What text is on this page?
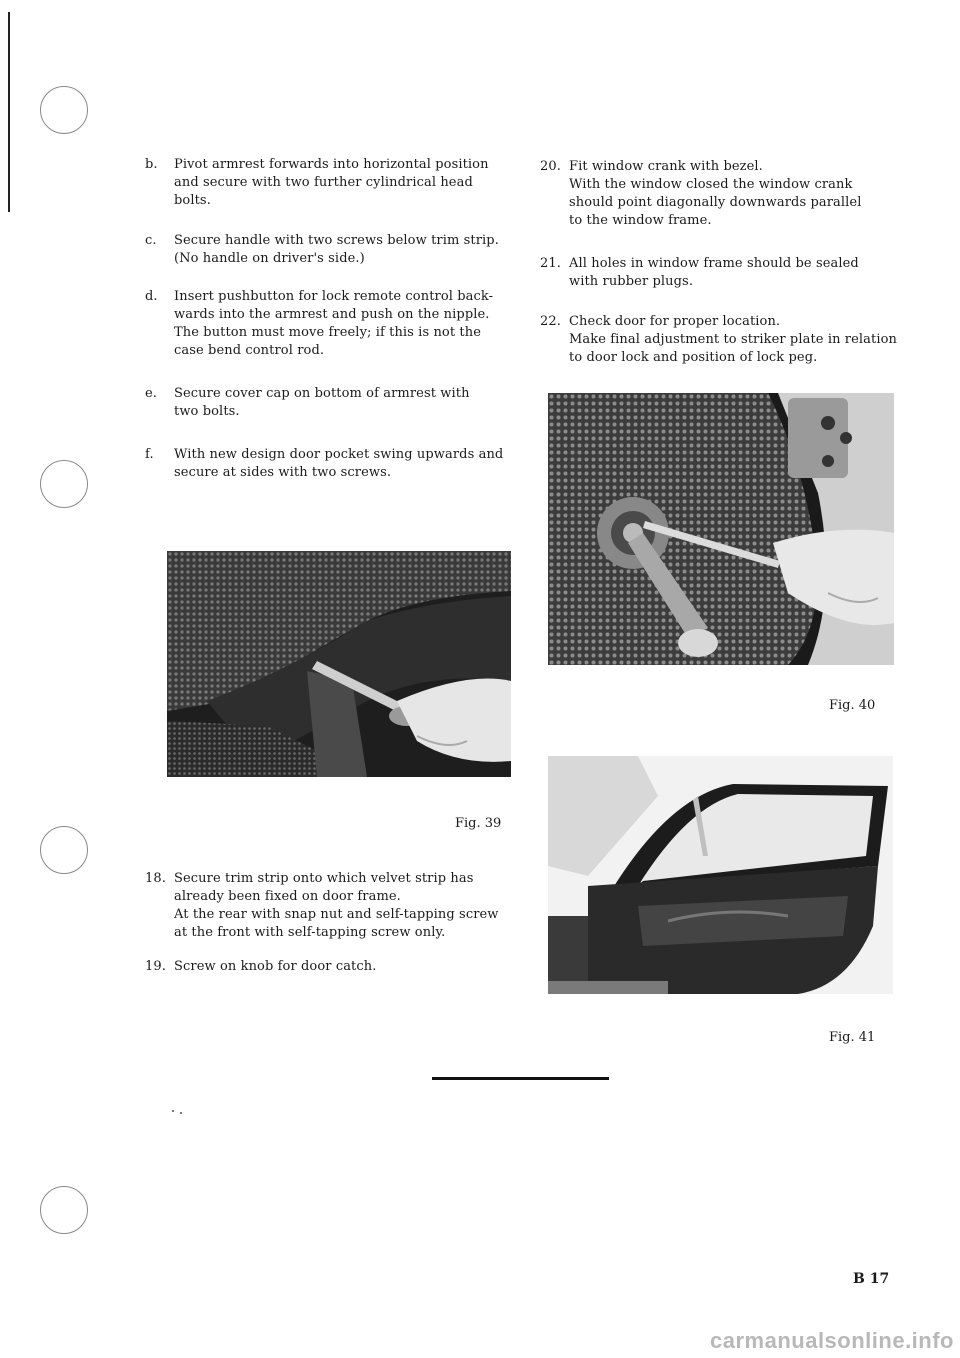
b. Pivot armrest forwards into horizontal position
and secure with two further cylindrical head
bolts.
c. Secure handle with two screws below trim strip.
(No handle on driver's side.)
d. Insert pushbutton for lock remote control back-
wards into the armrest and push on the nipple.
The button must move freely; if this is not the
case bend control rod.
e. Secure cover cap on bottom of armrest with
two bolts.
f. With new design door pocket swing upwards and
secure at sides with two screws.
Fig. 39
18. Secure trim strip onto which velvet strip has
already been fixed on door frame.
At the rear with snap nut and self-tapping screw
at the front with self-tapping screw only.
19. Screw on knob for door catch.
20. Fit window crank with bezel.
With the window closed the window crank
should point diagonally downwards parallel
to the window frame.
21. All holes in window frame should be sealed
with rubber plugs.
22. Check door for proper location.
Make final adjustment to striker plate in relation
to door lock and position of lock peg.
Fig. 40
Fig. 41
B 17
carmanualsonline.info
